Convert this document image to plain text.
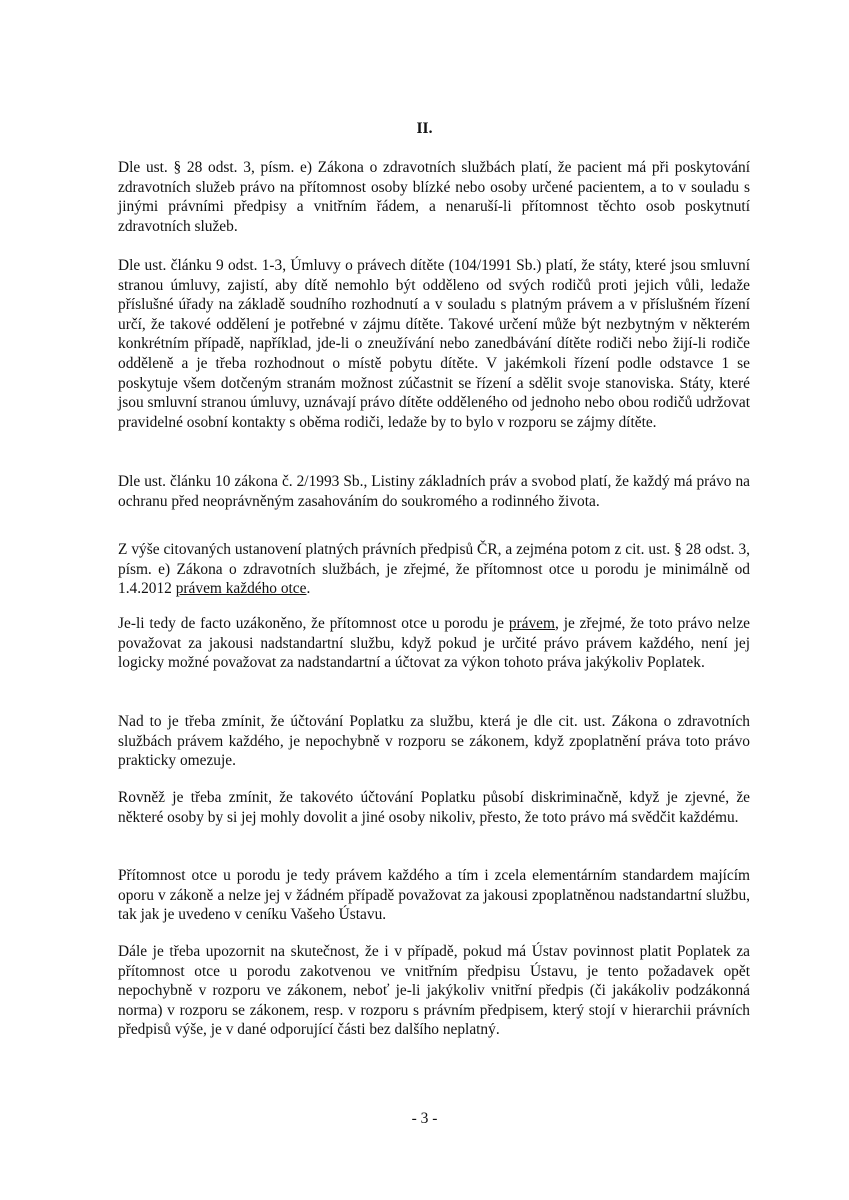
II.

Dle ust. § 28 odst. 3, písm. e) Zákona o zdravotních službách platí, že pacient má při poskytování zdravotních služeb právo na přítomnost osoby blízké nebo osoby určené pacientem, a to v souladu s jinými právními předpisy a vnitřním řádem, a nenaruší-li přítomnost těchto osob poskytnutí zdravotních služeb.

Dle ust. článku 9 odst. 1-3, Úmluvy o právech dítěte (104/1991 Sb.) platí, že státy, které jsou smluvní stranou úmluvy, zajistí, aby dítě nemohlo být odděleno od svých rodičů proti jejich vůli, ledaže příslušné úřady na základě soudního rozhodnutí a v souladu s platným právem a v příslušném řízení určí, že takové oddělení je potřebné v zájmu dítěte. Takové určení může být nezbytným v některém konkrétním případě, například, jde-li o zneužívání nebo zanedbávání dítěte rodiči nebo žijí-li rodiče odděleně a je třeba rozhodnout o místě pobytu dítěte. V jakémkoli řízení podle odstavce 1 se poskytuje všem dotčeným stranám možnost zúčastnit se řízení a sdělit svoje stanoviska. Státy, které jsou smluvní stranou úmluvy, uznávají právo dítěte odděleného od jednoho nebo obou rodičů udržovat pravidelné osobní kontakty s oběma rodiči, ledaže by to bylo v rozporu se zájmy dítěte.

Dle ust. článku 10 zákona č. 2/1993 Sb., Listiny základních práv a svobod platí, že každý má právo na ochranu před neoprávněným zasahováním do soukromého a rodinného života.

Z výše citovaných ustanovení platných právních předpisů ČR, a zejména potom z cit. ust. § 28 odst. 3, písm. e) Zákona o zdravotních službách, je zřejmé, že přítomnost otce u porodu je minimálně od 1.4.2012 právem každého otce.

Je-li tedy de facto uzákoněno, že přítomnost otce u porodu je právem, je zřejmé, že toto právo nelze považovat za jakousi nadstandartní službu, když pokud je určité právo právem každého, není jej logicky možné považovat za nadstandartní a účtovat za výkon tohoto práva jakýkoliv Poplatek.

Nad to je třeba zmínit, že účtování Poplatku za službu, která je dle cit. ust. Zákona o zdravotních službách právem každého, je nepochybně v rozporu se zákonem, když zpoplatnění práva toto právo prakticky omezuje.

Rovněž je třeba zmínit, že takovéto účtování Poplatku působí diskriminačně, když je zjevné, že některé osoby by si jej mohly dovolit a jiné osoby nikoliv, přesto, že toto právo má svědčit každému.

Přítomnost otce u porodu je tedy právem každého a tím i zcela elementárním standardem majícím oporu v zákoně a nelze jej v žádném případě považovat za jakousi zpoplatněnou nadstandartní službu, tak jak je uvedeno v ceníku Vašeho Ústavu.

Dále je třeba upozornit na skutečnost, že i v případě, pokud má Ústav povinnost platit Poplatek za přítomnost otce u porodu zakotvenou ve vnitřním předpisu Ústavu, je tento požadavek opět nepochybně v rozporu ve zákonem, neboť je-li jakýkoliv vnitřní předpis (či jakákoliv podzákonná norma) v rozporu se zákonem, resp. v rozporu s právním předpisem, který stojí v hierarchii právních předpisů výše, je v dané odporující části bez dalšího neplatný.

- 3 -
